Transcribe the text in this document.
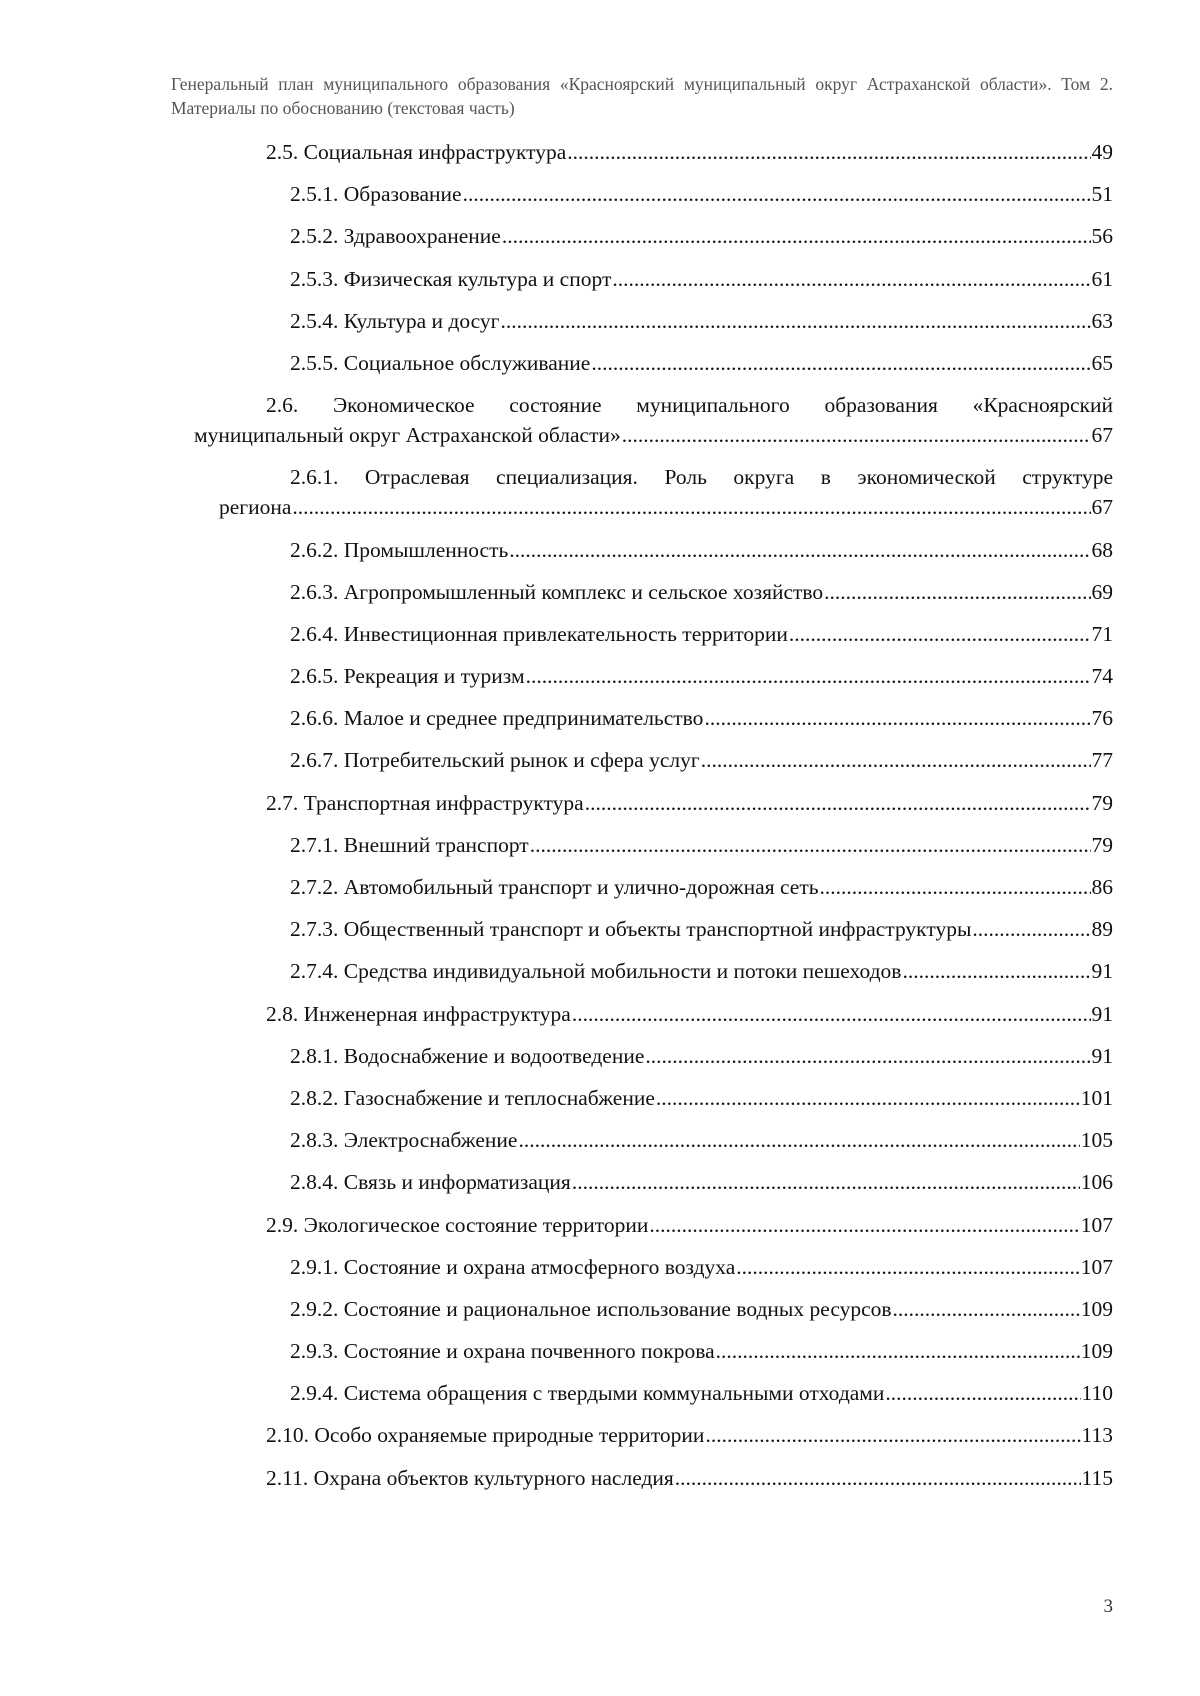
Генеральный план муниципального образования «Красноярский муниципальный округ Астраханской области». Том 2. Материалы по обоснованию (текстовая часть)
2.5. Социальная инфраструктура .....	49
2.5.1. Образование .....	51
2.5.2. Здравоохранение .....	56
2.5.3. Физическая культура и спорт .....	61
2.5.4. Культура и досуг .....	63
2.5.5. Социальное обслуживание .....	65
2.6. Экономическое состояние муниципального образования «Красноярский
муниципальный округ Астраханской области» .....	67
2.6.1. Отраслевая специализация. Роль округа в экономической структуре
региона .....	67
2.6.2. Промышленность .....	68
2.6.3. Агропромышленный комплекс и сельское хозяйство .....	69
2.6.4. Инвестиционная привлекательность территории .....	71
2.6.5. Рекреация и туризм .....	74
2.6.6. Малое и среднее предпринимательство .....	76
2.6.7. Потребительский рынок и сфера услуг .....	77
2.7. Транспортная инфраструктура .....	79
2.7.1. Внешний транспорт .....	79
2.7.2. Автомобильный транспорт и улично-дорожная сеть .....	86
2.7.3. Общественный транспорт и объекты транспортной инфраструктуры .....	89
2.7.4. Средства индивидуальной мобильности и потоки пешеходов .....	91
2.8. Инженерная инфраструктура .....	91
2.8.1. Водоснабжение и водоотведение .....	91
2.8.2. Газоснабжение и теплоснабжение .....	101
2.8.3. Электроснабжение .....	105
2.8.4. Связь и информатизация .....	106
2.9. Экологическое состояние территории .....	107
2.9.1. Состояние и охрана атмосферного воздуха .....	107
2.9.2. Состояние и рациональное использование водных ресурсов .....	109
2.9.3. Состояние и охрана почвенного покрова .....	109
2.9.4. Система обращения с твердыми коммунальными отходами .....	110
2.10. Особо охраняемые природные территории .....	113
2.11. Охрана объектов культурного наследия .....	115
3
